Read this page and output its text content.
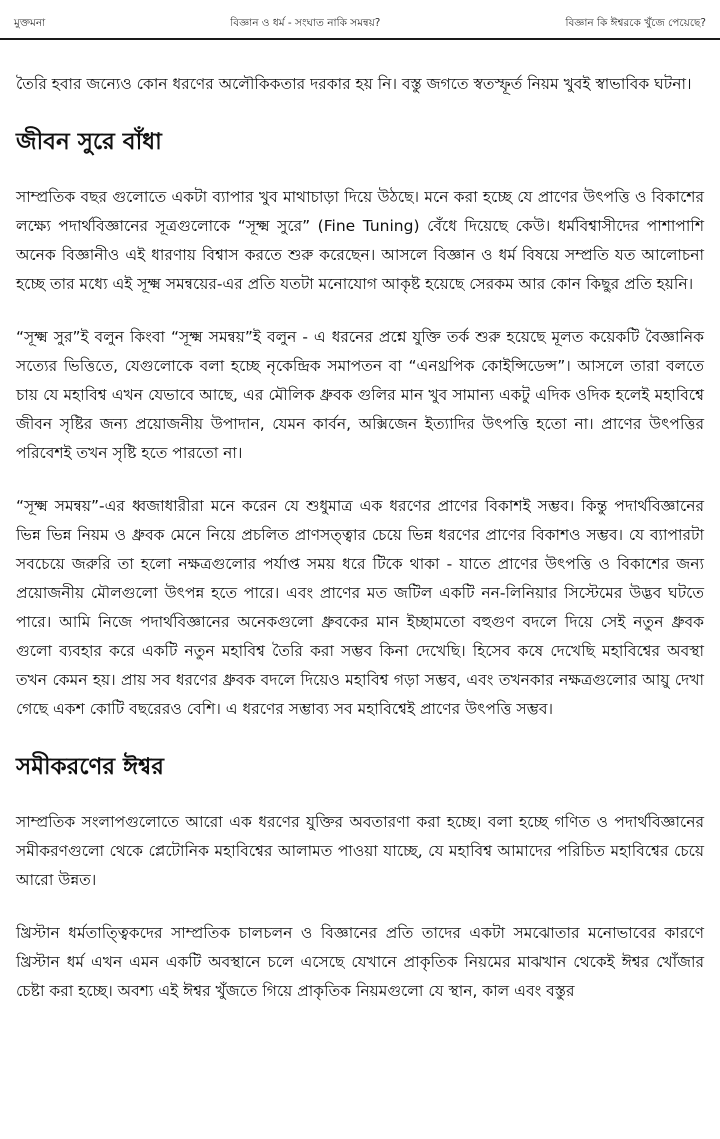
মুক্তমনা	বিজ্ঞান ও ধর্ম - সংঘাত নাকি সমন্বয়?	বিজ্ঞান কি ঈশ্বরকে খুঁজে পেয়েছে?

তৈরি হবার জন্যেও কোন ধরণের অলৌকিকতার দরকার হয় নি। বস্তু জগতে স্বতস্ফূর্ত নিয়ম খুবই স্বাভাবিক ঘটনা।

জীবন সুরে বাঁধা

সাম্প্রতিক বছর গুলোতে একটা ব্যাপার খুব মাথাচাড়া দিয়ে উঠছে। মনে করা হচ্ছে যে প্রাণের উৎপত্তি ও বিকাশের লক্ষ্যে পদার্থবিজ্ঞানের সূত্রগুলোকে “সূক্ষ্ম সুরে” (Fine Tuning) বেঁধে দিয়েছে কেউ। ধর্মবিশ্বাসীদের পাশাপাশি অনেক বিজ্ঞানীও এই ধারণায় বিশ্বাস করতে শুরু করেছেন। আসলে বিজ্ঞান ও ধর্ম বিষয়ে সম্প্রতি যত আলোচনা হচ্ছে তার মধ্যে এই সূক্ষ্ম সমন্বয়ের-এর প্রতি যতটা মনোযোগ আকৃষ্ট হয়েছে সেরকম আর কোন কিছুর প্রতি হয়নি।

“সূক্ষ্ম সুর”ই বলুন কিংবা “সূক্ষ্ম সমন্বয়”ই বলুন - এ ধরনের প্রশ্নে যুক্তি তর্ক শুরু হয়েছে মূলত কয়েকটি বৈজ্ঞানিক সত্যের ভিত্তিতে, যেগুলোকে বলা হচ্ছে নৃকেন্দ্রিক সমাপতন বা “এনথ্রপিক কোইন্সিডেন্স”। আসলে তারা বলতে চায় যে মহাবিশ্ব এখন যেভাবে আছে, এর মৌলিক ধ্রুবক গুলির মান খুব সামান্য একটু এদিক ওদিক হলেই মহাবিশ্বে জীবন সৃষ্টির জন্য প্রয়োজনীয় উপাদান, যেমন কার্বন, অক্সিজেন ইত্যাদির উৎপত্তি হতো না। প্রাণের উৎপত্তির পরিবেশই তখন সৃষ্টি হতে পারতো না।

“সূক্ষ্ম সমন্বয়”-এর ধ্বজাধারীরা মনে করেন যে শুধুমাত্র এক ধরণের প্রাণের বিকাশই সম্ভব। কিন্তু পদার্থবিজ্ঞানের ভিন্ন ভিন্ন নিয়ম ও ধ্রুবক মেনে নিয়ে প্রচলিত প্রাণসত্ত্বার চেয়ে ভিন্ন ধরণের প্রাণের বিকাশও সম্ভব। যে ব্যাপারটা সবচেয়ে জরুরি তা হলো নক্ষত্রগুলোর পর্যাপ্ত সময় ধরে টিকে থাকা - যাতে প্রাণের উৎপত্তি ও বিকাশের জন্য প্রয়োজনীয় মৌলগুলো উৎপন্ন হতে পারে। এবং প্রাণের মত জটিল একটি নন-লিনিয়ার সিস্টেমের উদ্ভব ঘটতে পারে। আমি নিজে পদার্থবিজ্ঞানের অনেকগুলো ধ্রুবকের মান ইচ্ছামতো বহুগুণ বদলে দিয়ে সেই নতুন ধ্রুবক গুলো ব্যবহার করে একটি নতুন মহাবিশ্ব তৈরি করা সম্ভব কিনা দেখেছি। হিসেব কষে দেখেছি মহাবিশ্বের অবস্থা তখন কেমন হয়। প্রায় সব ধরণের ধ্রুবক বদলে দিয়েও মহাবিশ্ব গড়া সম্ভব, এবং তখনকার নক্ষত্রগুলোর আয়ু দেখা গেছে একশ কোটি বছরেরও বেশি। এ ধরণের সম্ভাব্য সব মহাবিশ্বেই প্রাণের উৎপত্তি সম্ভব।

সমীকরণের ঈশ্বর

সাম্প্রতিক সংলাপগুলোতে আরো এক ধরণের যুক্তির অবতারণা করা হচ্ছে। বলা হচ্ছে গণিত ও পদার্থবিজ্ঞানের সমীকরণগুলো থেকে প্লেটোনিক মহাবিশ্বের আলামত পাওয়া যাচ্ছে, যে মহাবিশ্ব আমাদের পরিচিত মহাবিশ্বের চেয়ে আরো উন্নত।

খ্রিস্টান ধর্মতাত্ত্বিকদের সাম্প্রতিক চালচলন ও বিজ্ঞানের প্রতি তাদের একটা সমঝোতার মনোভাবের কারণে খ্রিস্টান ধর্ম এখন এমন একটি অবস্থানে চলে এসেছে যেখানে প্রাকৃতিক নিয়মের মাঝখান থেকেই ঈশ্বর খোঁজার চেষ্টা করা হচ্ছে। অবশ্য এই ঈশ্বর খুঁজতে গিয়ে প্রাকৃতিক নিয়মগুলো যে স্থান, কাল এবং বস্তুর
